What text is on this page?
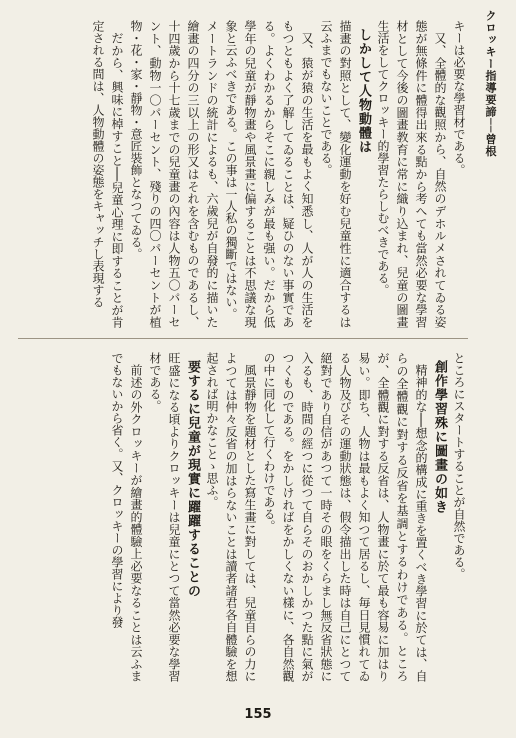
クロッキー指導要諦──曾根

キーは必要な學習材である。

又、全體的な觀照から、自然のデホルメされてゐる姿態が無條件に體得出來る點から考へても當然必要な學習材として今後の圖畫教育に常に織り込まれ、兒童の圖畫生活をしてクロッキー的學習たらしむべきである。

しかして人物動體は

描畫の對照として、變化運動を好む兒童性に適合するは云ふまでもないことである。

又、猿が猿の生活を最もよく知悉し、人が人の生活をもつともよく了解してゐることは、疑ひのない事實である。よくわかるからそこに親しみが最も强い。だから低學年の兒童が靜物畫や風景畫に偏することは不思議な現象と云ふべきである。この事は一人私の獨斷ではない。

メートランドの統計によるも、六歲兒が自發的に描いた繪畫の四分の三以上の形又はそれを含むものであるし、十四歲から十七歲までの兒童畫の內容は人物五〇パーセント、動物一〇パーセント、殘りの四〇パーセントが植物・花・家・靜物・意匠裝飾となつてゐる。

だから、興味に棹すこと──兒童心理に即することが肯定される間は、人物動體の姿態をキャッチし表現する

ところにスタートすることが自然である。

創作學習殊に圖畫の如き

精神的な──想念的構成に重きを置くべき學習に於ては、自らの全體觀に對する反省を基調とするわけである。ところが、全體觀に對する反省は、人物畫に於て最も容易に加はり易い。即ち、人物は最もよく知つて居るし、毎日見慣れてゐる人物及びその運動狀態は、假令描出した時は自己にとつて絕對であり自信があつて一時その眼をくらまし無反省狀態に入るも、時間の經つに從つて自らそのおかしかつた點に氣がつくものである。をかしければをかしくない樣に、各自然觀の中に同化して行くわけである。

風景靜物を題材とした寫生畫に對しては、兒童自らの力によつては仲々反省の加はらないことは讀者諸君各自體驗を想起されば明かなことゝ思ふ。

要するに兒童が現實に躍躍することの

旺盛になる頃よりクロッキーは兒童にとつて當然必要な學習材である。

前述の外クロッキーが繪畫的體驗上必要なることは云ふまでもないから省く。又、クロッキーの學習により發

155
